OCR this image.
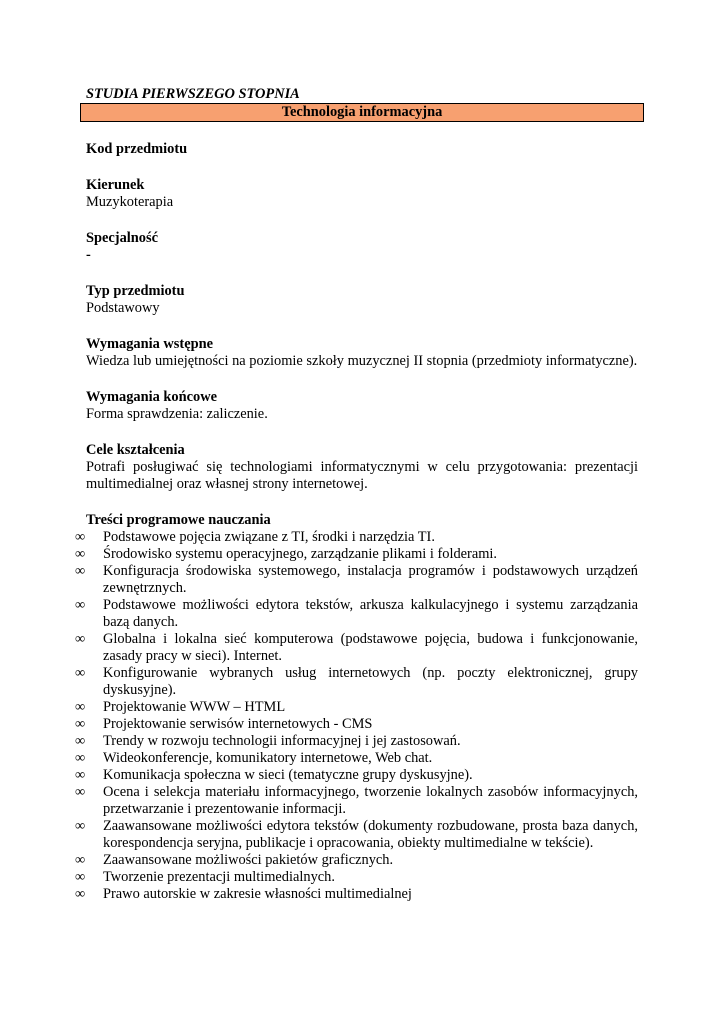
STUDIA PIERWSZEGO STOPNIA

Technologia informacyjna

Kod przedmiotu

Kierunek

Muzykoterapia

Specjalność

-

Typ przedmiotu

Podstawowy

Wymagania wstępne

Wiedza lub umiejętności na poziomie szkoły muzycznej II stopnia (przedmioty informatyczne).

Wymagania końcowe

Forma sprawdzenia: zaliczenie.

Cele kształcenia

Potrafi posługiwać się technologiami informatycznymi w celu przygotowania: prezentacji multimedialnej oraz własnej strony internetowej.

Treści programowe nauczania

∞ Podstawowe pojęcia związane z TI, środki i narzędzia TI.
∞ Środowisko systemu operacyjnego, zarządzanie plikami i folderami.
∞ Konfiguracja środowiska systemowego, instalacja programów i podstawowych urządzeń zewnętrznych.
∞ Podstawowe możliwości edytora tekstów, arkusza kalkulacyjnego i systemu zarządzania bazą danych.
∞ Globalna i lokalna sieć komputerowa (podstawowe pojęcia, budowa i funkcjonowanie, zasady pracy w sieci). Internet.
∞ Konfigurowanie wybranych usług internetowych (np. poczty elektronicznej, grupy dyskusyjne).
∞ Projektowanie WWW – HTML
∞ Projektowanie serwisów internetowych - CMS
∞ Trendy w rozwoju technologii informacyjnej i jej zastosowań.
∞ Wideokonferencje, komunikatory internetowe, Web chat.
∞ Komunikacja społeczna w sieci (tematyczne grupy dyskusyjne).
∞ Ocena i selekcja materiału informacyjnego, tworzenie lokalnych zasobów informacyjnych, przetwarzanie i prezentowanie informacji.
∞ Zaawansowane możliwości edytora tekstów (dokumenty rozbudowane, prosta baza danych, korespondencja seryjna, publikacje i opracowania, obiekty multimedialne w tekście).
∞ Zaawansowane możliwości pakietów graficznych.
∞ Tworzenie prezentacji multimedialnych.
∞ Prawo autorskie w zakresie własności multimedialnej
